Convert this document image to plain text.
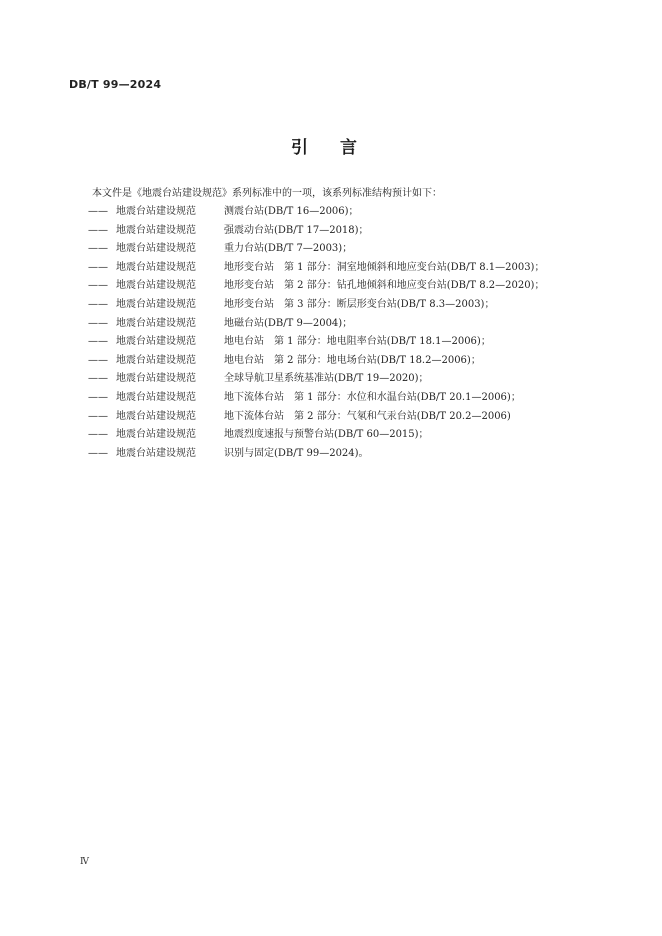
DB/T 99—2024
引言
本文件是《地震台站建设规范》系列标准中的一项，该系列标准结构预计如下：
—— 地震台站建设规范	测震台站(DB/T 16—2006)；
—— 地震台站建设规范	强震动台站(DB/T 17—2018)；
—— 地震台站建设规范	重力台站(DB/T 7—2003)；
—— 地震台站建设规范	地形变台站　第 1 部分：洞室地倾斜和地应变台站(DB/T 8.1—2003)；
—— 地震台站建设规范	地形变台站　第 2 部分：钻孔地倾斜和地应变台站(DB/T 8.2—2020)；
—— 地震台站建设规范	地形变台站　第 3 部分：断层形变台站(DB/T 8.3—2003)；
—— 地震台站建设规范	地磁台站(DB/T 9—2004)；
—— 地震台站建设规范	地电台站　第 1 部分：地电阻率台站(DB/T 18.1—2006)；
—— 地震台站建设规范	地电台站　第 2 部分：地电场台站(DB/T 18.2—2006)；
—— 地震台站建设规范	全球导航卫星系统基准站(DB/T 19—2020)；
—— 地震台站建设规范	地下流体台站　第 1 部分：水位和水温台站(DB/T 20.1—2006)；
—— 地震台站建设规范	地下流体台站　第 2 部分：气氡和气汞台站(DB/T 20.2—2006)
—— 地震台站建设规范	地震烈度速报与预警台站(DB/T 60—2015)；
—— 地震台站建设规范	识别与固定(DB/T 99—2024)。
Ⅳ
